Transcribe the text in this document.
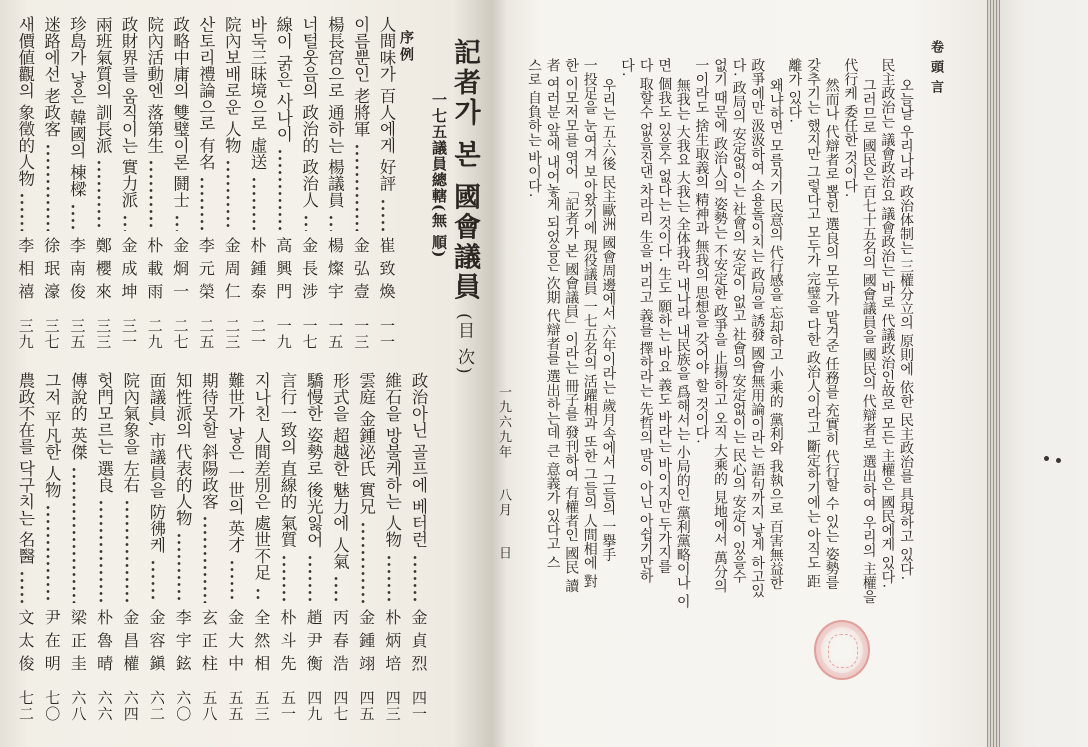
記者가 본 國會議員(目 次)
一七五議員總轄(無 順)
序例
人間味가 百人에게 好評
崔致煥
一一
이름뿐인 老將軍
金弘壹
一三
楊長宮으로 通하는 楊議員
楊燦宇
一五
너털웃음의 政治的 政治人
金長涉
一七
線이 굵은 사나이
高興門
一九
바둑三昧境으로 虛送
朴鍾泰
二一
院內보배로운 人物
金周仁
二三
산토리禮論으로 有名
李元榮
二五
政略中庸의 雙璧이론 鬪士
金烱一
二七
院內活動엔 落第生
朴載雨
二九
政財界를 움직이는 實力派
金成坤
三一
兩班氣質의 訓長派
鄭櫻來
三三
珍島가 낳은 韓國의 棟樑
李南俊
三五
迷路에선 老政客
徐珉濠
三七
새價値觀의 象徵的人物
李相禧
三九
政治아닌 골프에 베터런
金貞烈
四一
維石을 방불케하는 人物
朴炳培
四三
雲庭 金鍾泌氏 實兄
金鍾翊
四五
形式을 超越한 魅力에 人氣
丙春浩
四七
驕慢한 姿勢로 後光잃어
趙尹衡
四九
言行一致의 直線的 氣質
朴斗先
五一
지나친 人間差別은 處世不足
全然相
五三
難世가 낳은 一世의 英才
金大中
五五
期待못할 斜陽政客
玄正柱
五八
知性派의 代表的人物
李宇鉉
六〇
面議員, 市議員을 防彿케
金容鎭
六二
院內氣象을 左右
金昌權
六四
헛門모르는 選良
朴魯晴
六六
傳說的 英傑
梁正圭
六八
그저 平凡한 人物
尹在明
七〇
農政不在를 닥구치는 名醫
文太俊
七二
卷頭言
一九六九年 八月 日	오늘날 우리나라 政治体制는 三權分立의 原則에 依한 民主政治를 具現하고 있다.
民主政治는 議會政治요 議會政治는 바로 代議政治인故로 모든 主權은 國民에게 있다.
그러므로 國民은 百七十五名의 國會議員을 國民의 代辯者로 選出하여 우리의 主權을
代行케 委任한 것이다.
然而나 代辯者로 뽑힌 選良의 모두가 맡겨준 任務를 充實히 代行할 수 있는 姿勢를
갖추기는 했지만 그렇다고 모두가 完璧을 다한 政治人이라고 斷定하기에는 아직도 距
離가 있다.
왜냐하면 모름지기 民意의 代行感을 忘却하고 小乘的 黨利와 我執으로 百害無益한
政爭에만 汲汲하여 소용돌이치는 政局을 誘發 國會無用論이라는 語句까지 낳게 하고있
다. 政局의 安定없이는 社會의 安定이 없고 社會의 安定없이는 民心의 安定이 있을수
없기 때문에 政治人의 姿勢는 不安定한 政爭을 止揚하고 오직 大乘的 見地에서 萬分의
一이라도 捨生取義의 精神과 無我의 思想을 갖어야 할 것이다.
無我는 大我요 大我는 全体我라 내나라 내民族을 爲해서는 小局的인 黨利黨略이나 이
면 個我도 있을수 없다는 것이다. 生도 願하는 바요 義도 바라는 바이지만 두가지를
다 取할수 없을진댄 차라리 生을 버리고 義를 擇하라는 先哲의 말이 아닌 아쉽기만하
다.
우리는 五·六後 民主歐洲 國會周邊에서 六年이라는 歲月속에서 그들의 一擧手
一投足을 눈여겨 보아왔기에 現役議員 一七五名의 活躍相과 또한 그들의 人間相에 對
한 이모저모를 엮어 「記者가 본 國會議員」이라는 冊子를 發刊하여 有權者인 國民 讀
者 여러분 앞에 내어놓게 되었음은 次期 代辯者를 選出하는데 큰 意義가 있다고 스
스로 自負하는 바이다.
